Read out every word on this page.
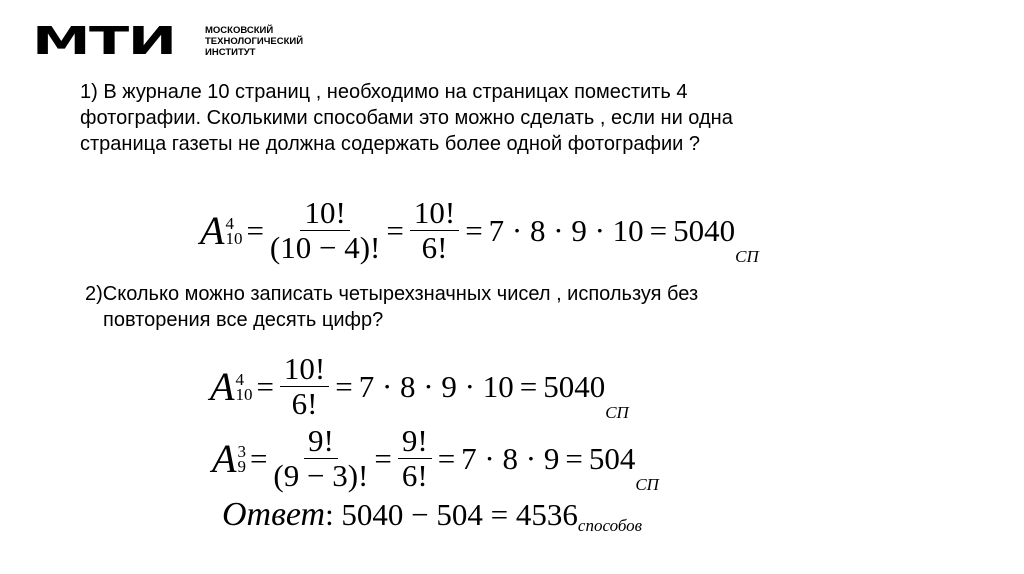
МТИ	МОСКОВСКИЙ
ТЕХНОЛОГИЧЕСКИЙ
ИНСТИТУТ
1) В журнале 10 страниц , необходимо на страницах поместить 4
фотографии. Сколькими способами это можно сделать , если ни одна
страница газеты не должна содержать более одной фотографии ?
A 4
$10 = \frac{10!}{(10 - 4)!} = \frac{10!}{6!} = 7 \cdot 8 \cdot 9 \cdot 10 = 5040$
СП
2)Сколько можно записать четырехзначных чисел , используя без
повторения все десять цифр?
A 4
$10 = \frac{10!}{6!} = 7 \cdot 8 \cdot 9 \cdot 10 = 5040$
СП
A 3
$9 = \frac{9!}{(9 - 3)!} = \frac{9!}{6!} = 7 \cdot 8 \cdot 9 = 504$
СП
Ответ : 5040 − 504 = 4536 способов
